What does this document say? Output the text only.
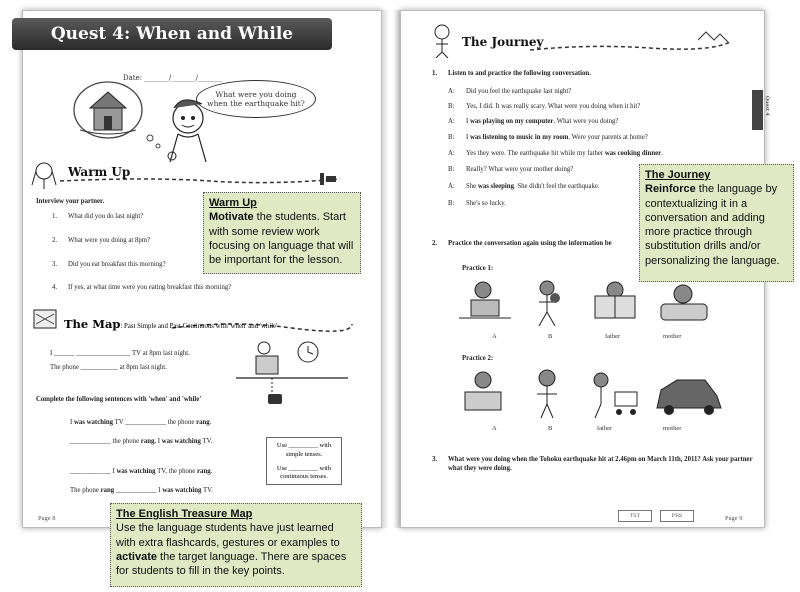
Quest 4: When and While
Date: _______/_______/_______
What were you doing when the earthquake hit?
Warm Up
Interview your partner.
1. What did you do last night?
2. What were you doing at 8pm?
3. Did you eat breakfast this morning?
4. If yes, at what time were you eating breakfast this morning?
The Map: Past Simple and Past Continuous with 'when' and 'while'
I ______ ________________ TV at 8pm last night.
The phone ___________ at 8pm last night.
Complete the following sentences with 'when' and 'while'
I was watching TV ____________ the phone rang.
____________ the phone rang, I was watching TV.
____________ I was watching TV, the phone rang.
The phone rang ____________ I was watching TV.
Use _________ with
simple tenses.
Use _________ with
continuous tenses.
Page 8
The Journey
Quest 4
1. Listen to and practice the following conversation.
A: Did you feel the earthquake last night?
B: Yes, I did. It was really scary. What were you doing when it hit?
A: I was playing on my computer. What were you doing?
B: I was listening to music in my room. Were your parents at home?
A: Yes they were. The earthquake hit while my father was cooking dinner.
B: Really? What were your mother doing?
A: She was sleeping. She didn't feel the earthquake.
B: She's so lucky.
2. Practice the conversation again using the information be
Practice 1:
A	B	father	mother
Practice 2:
A	B	father	mother
3. What were you doing when the Tohoku earthquake hit at 2.46pm on March 11th, 2011? Ask your partner what they were doing.
TST	PRS	Page 9
Warm Up
Motivate the students. Start with some review work focusing on language that will be important for the lesson.
The Journey
Reinforce the language by contextualizing it in a conversation and adding more practice through substitution drills and/or personalizing the language.
The English Treasure Map
Use the language students have just learned with extra flashcards, gestures or examples to activate the target language. There are spaces for students to fill in the key points.
